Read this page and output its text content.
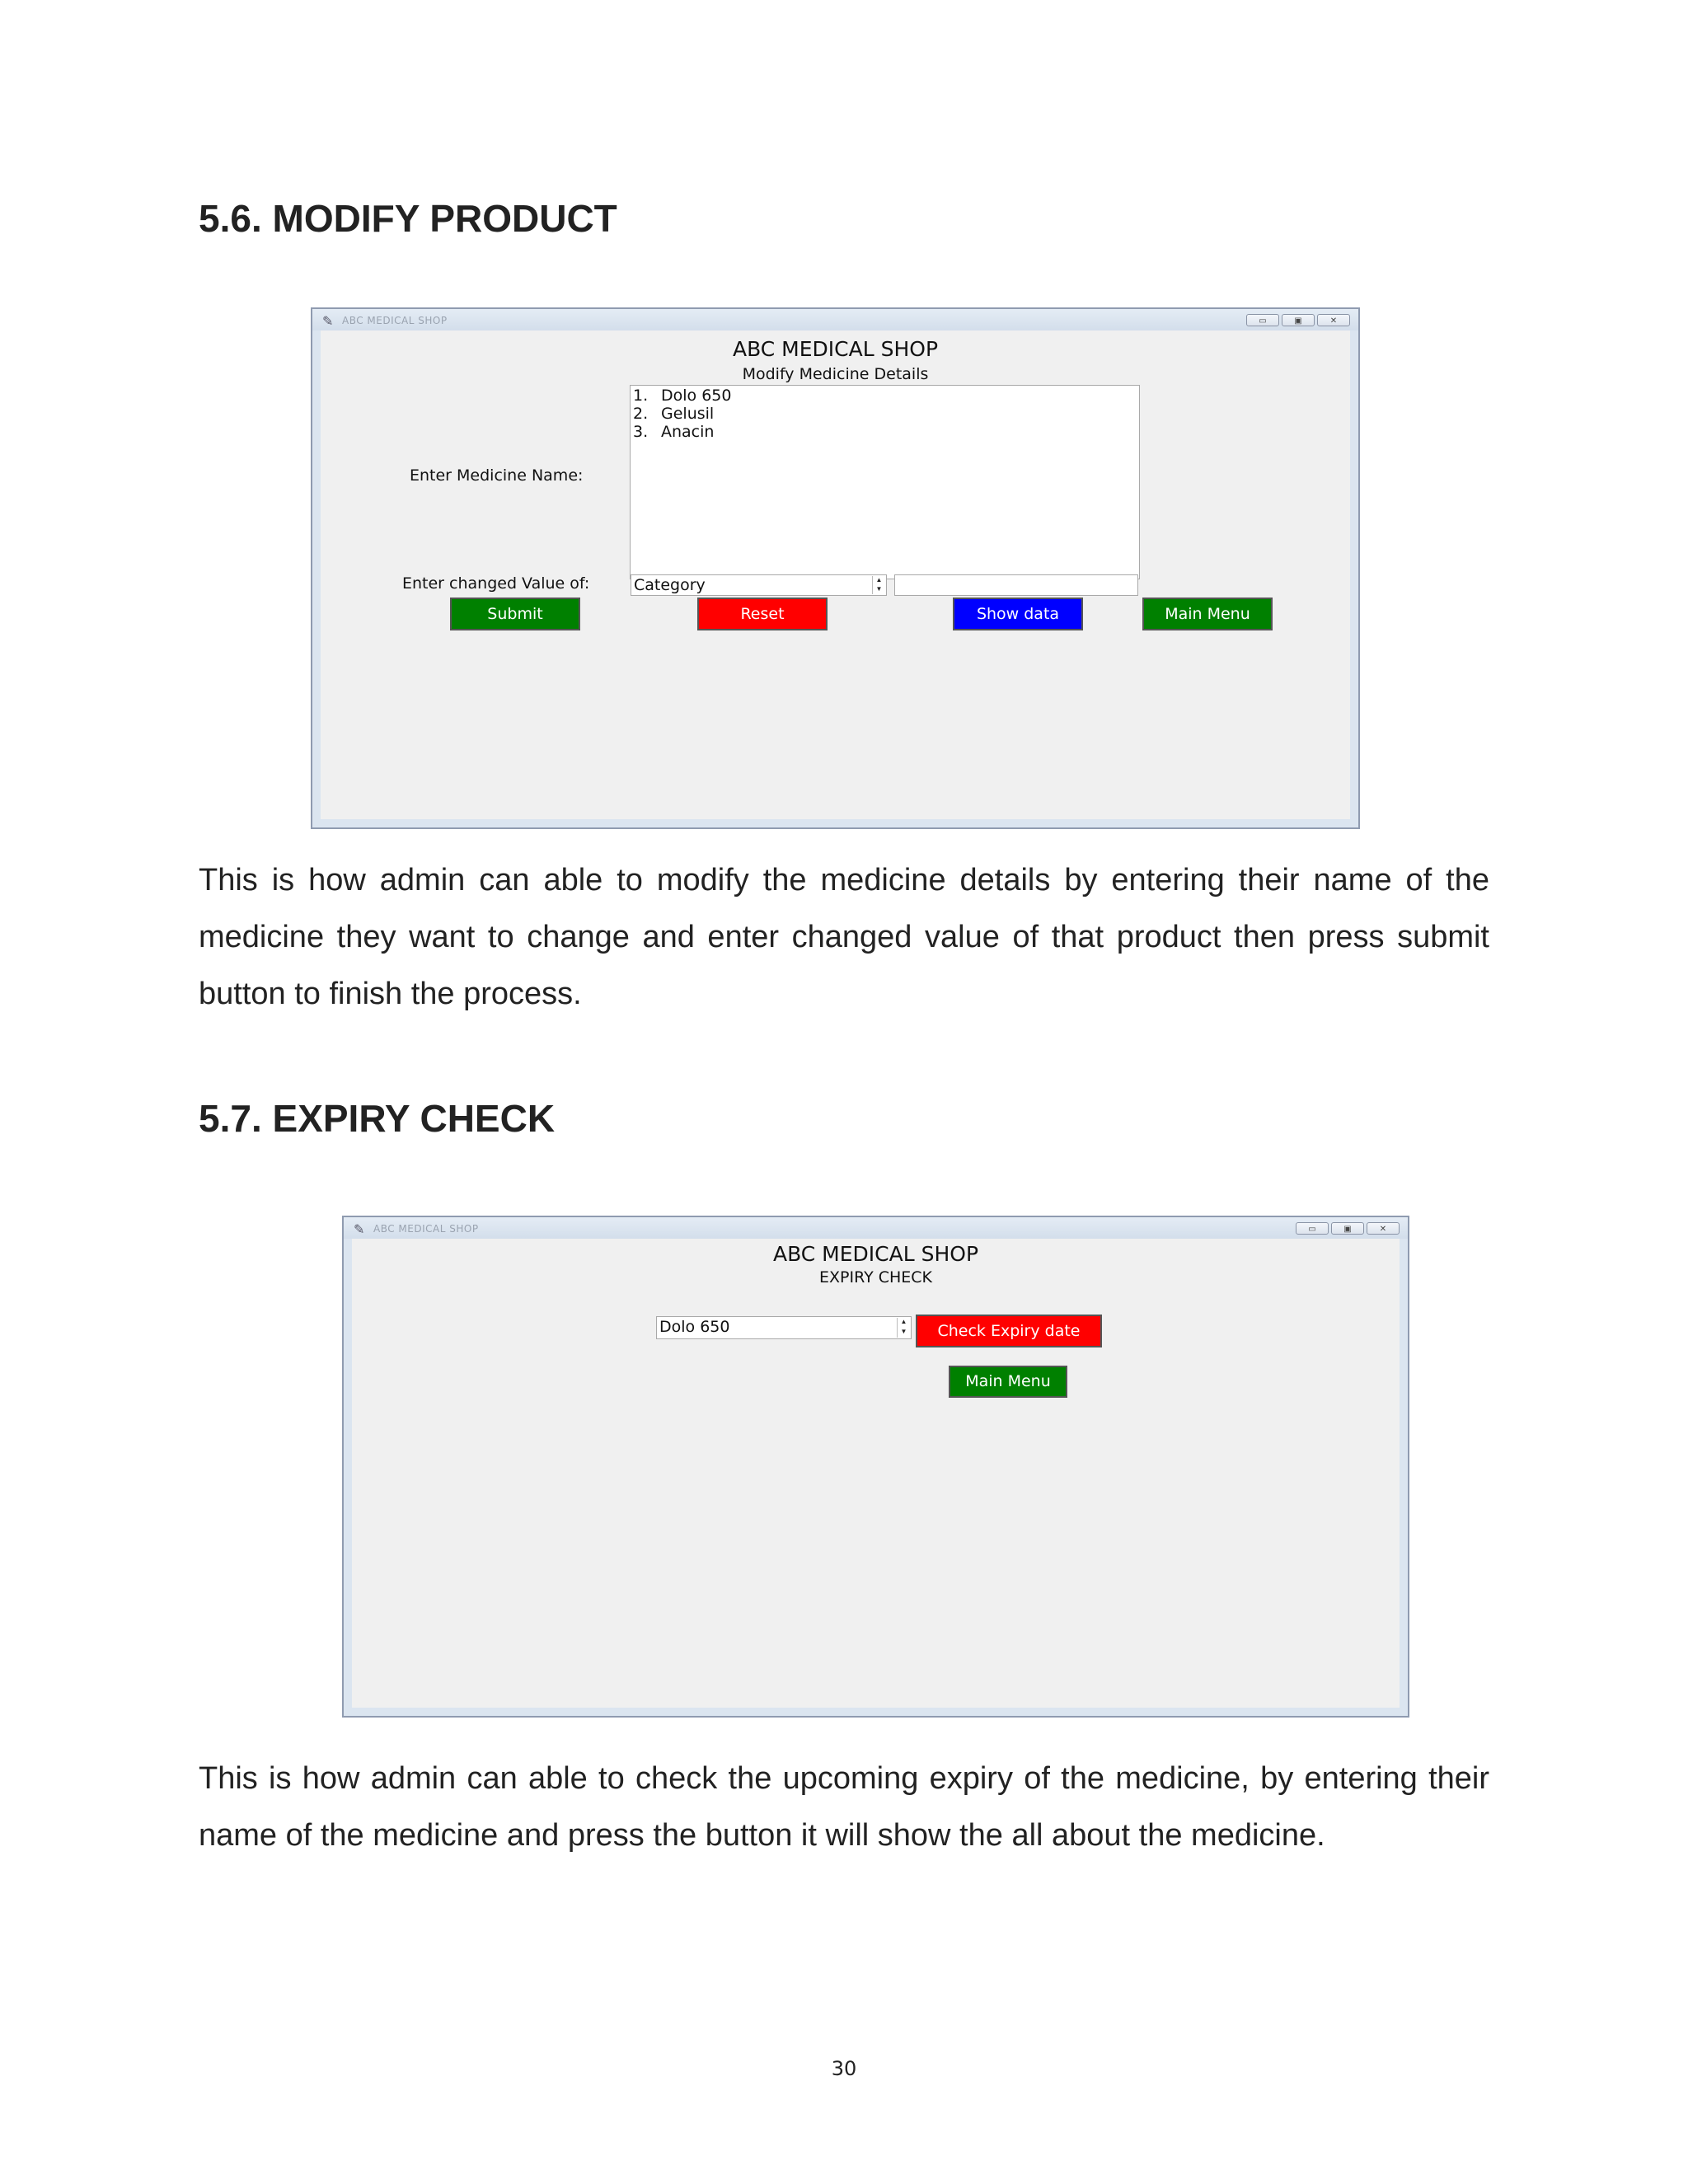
5.6. MODIFY PRODUCT
✎ ABC MEDICAL SHOP	▭	▣	✕
ABC MEDICAL SHOP
Modify Medicine Details
1. Dolo 650
2. Gelusil
3. Anacin
Enter Medicine Name:
Enter changed Value of:	Category	▲
▼
Submit	Reset	Show data	Main Menu

This is how admin can able to modify the medicine details by entering their name of the medicine they want to change and enter changed value of that product then press submit button to finish the process.

5.7. EXPIRY CHECK
✎ ABC MEDICAL SHOP	▭	▣	✕
ABC MEDICAL SHOP
EXPIRY CHECK
Dolo 650	▲
▼	Check Expiry date
Main Menu

This is how admin can able to check the upcoming expiry of the medicine, by entering their name of the medicine and press the button it will show the all about the medicine.

30
